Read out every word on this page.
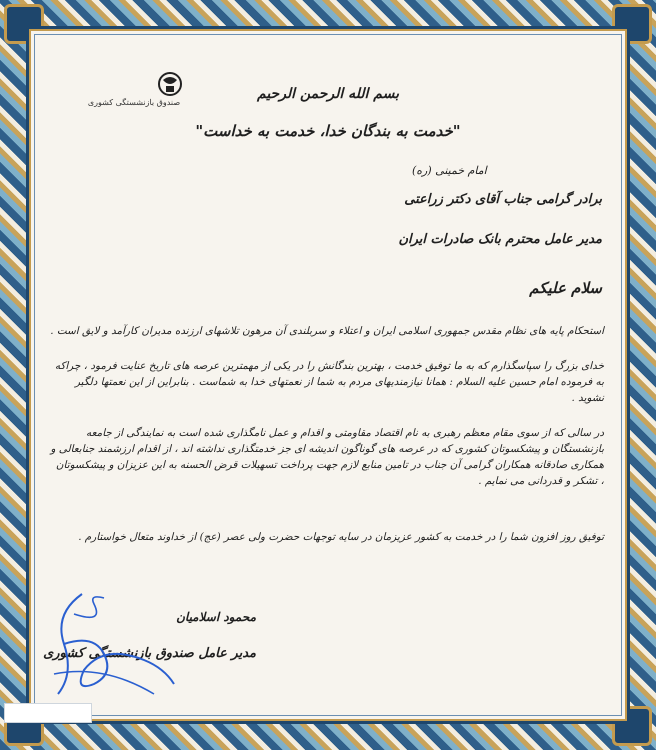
صندوق بازنشستگی کشوری
بسم الله الرحمن الرحیم
"خدمت به بندگان خدا، خدمت به خداست"
امام خمینی (ره)
برادر گرامی جناب آقای دکتر زراعتی
مدیر عامل محترم بانک صادرات ایران
سلام علیکم
استحکام پایه های نظام مقدس جمهوری اسلامی ایران و اعتلاء و سربلندی آن مرهون تلاشهای ارزنده مدیران کارآمد و لایق است .
خدای بزرگ را سپاسگذارم که به ما توفیق خدمت ، بهترین بندگانش را در یکی از مهمترین عرصه های تاریخ عنایت فرمود ، چراکه به فرموده امام حسین علیه السلام : همانا نیازمندیهای مردم به شما از نعمتهای خدا به شماست . بنابراین از این نعمتها دلگیر نشوید .
در سالی که از سوی مقام معظم رهبری به نام اقتصاد مقاومتی و اقدام و عمل نامگذاری شده است به نمایندگی از جامعه بازنشستگان و پیشکسوتان کشوری که در عرصه های گوناگون اندیشه ای جز خدمتگذاری نداشته اند ، از اقدام ارزشمند جنابعالی و همکاری صادقانه همکاران گرامی آن جناب در تامین منابع لازم جهت پرداخت تسهیلات قرض الحسنه به این عزیزان و پیشکسوتان ، تشکر و قدردانی می نمایم .
توفیق روز افزون شما را در خدمت به کشور عزیزمان در سایه توجهات حضرت ولی عصر (عج) از خداوند متعال خواستارم .
محمود اسلامیان
مدیر عامل صندوق بازنشستگی کشوری
